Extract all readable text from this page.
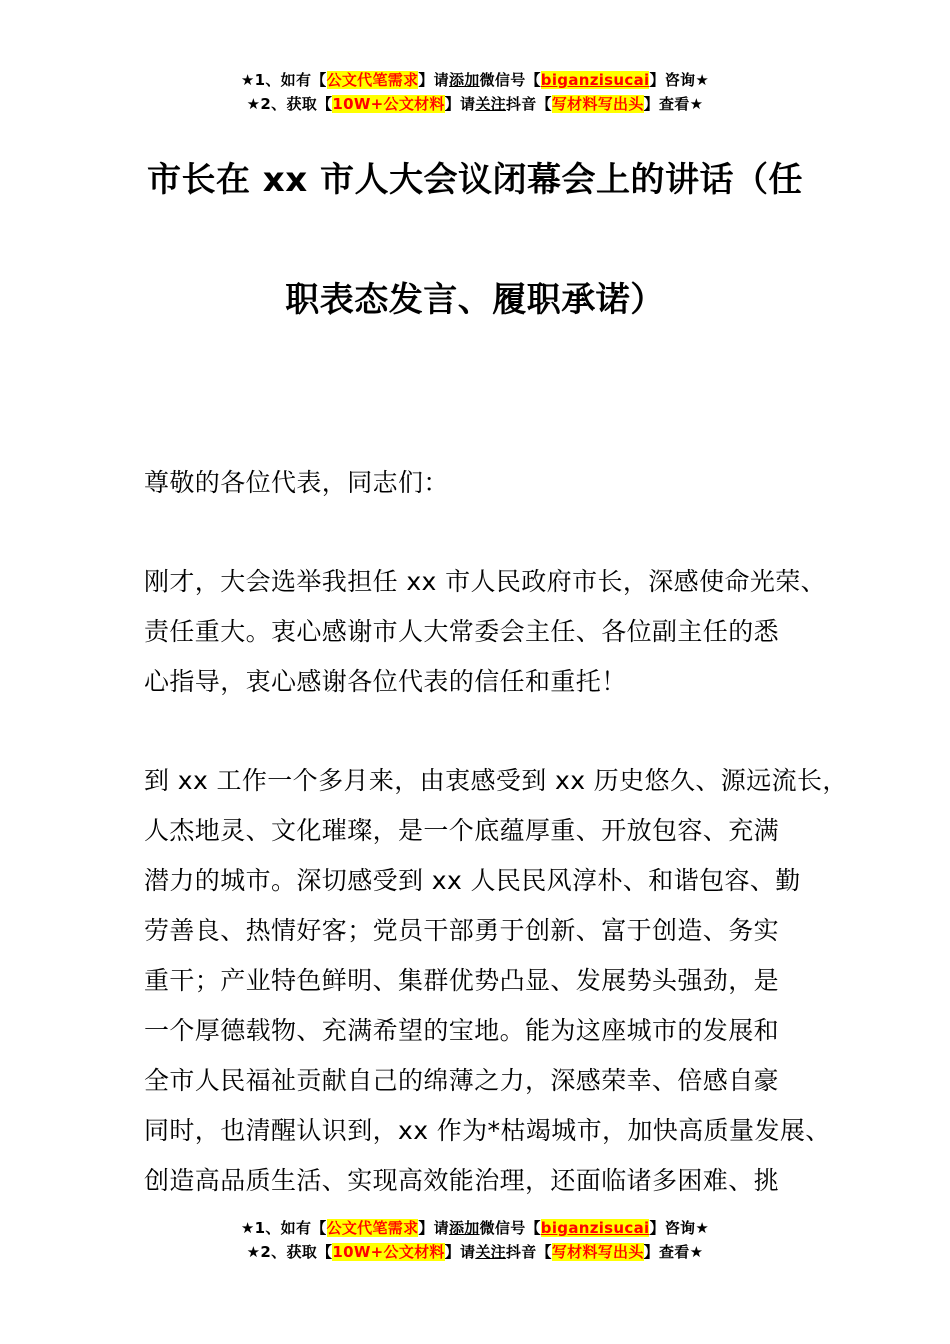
★1、如有【公文代笔需求】请添加微信号【biganzisucai】咨询★
★2、获取【10W+公文材料】请关注抖音【写材料写出头】查看★
市长在 xx 市人大会议闭幕会上的讲话（任
职表态发言、履职承诺）
尊敬的各位代表，同志们：
刚才，大会选举我担任 xx 市人民政府市长，深感使命光荣、
责任重大。衷心感谢市人大常委会主任、各位副主任的悉
心指导，衷心感谢各位代表的信任和重托！
到 xx 工作一个多月来，由衷感受到 xx 历史悠久、源远流长，
人杰地灵、文化璀璨，是一个底蕴厚重、开放包容、充满
潜力的城市。深切感受到 xx 人民民风淳朴、和谐包容、勤
劳善良、热情好客；党员干部勇于创新、富于创造、务实
重干；产业特色鲜明、集群优势凸显、发展势头强劲，是
一个厚德载物、充满希望的宝地。能为这座城市的发展和
全市人民福祉贡献自己的绵薄之力，深感荣幸、倍感自豪
同时，也清醒认识到，xx 作为*枯竭城市，加快高质量发展、
创造高品质生活、实现高效能治理，还面临诸多困难、挑
★1、如有【公文代笔需求】请添加微信号【biganzisucai】咨询★
★2、获取【10W+公文材料】请关注抖音【写材料写出头】查看★
